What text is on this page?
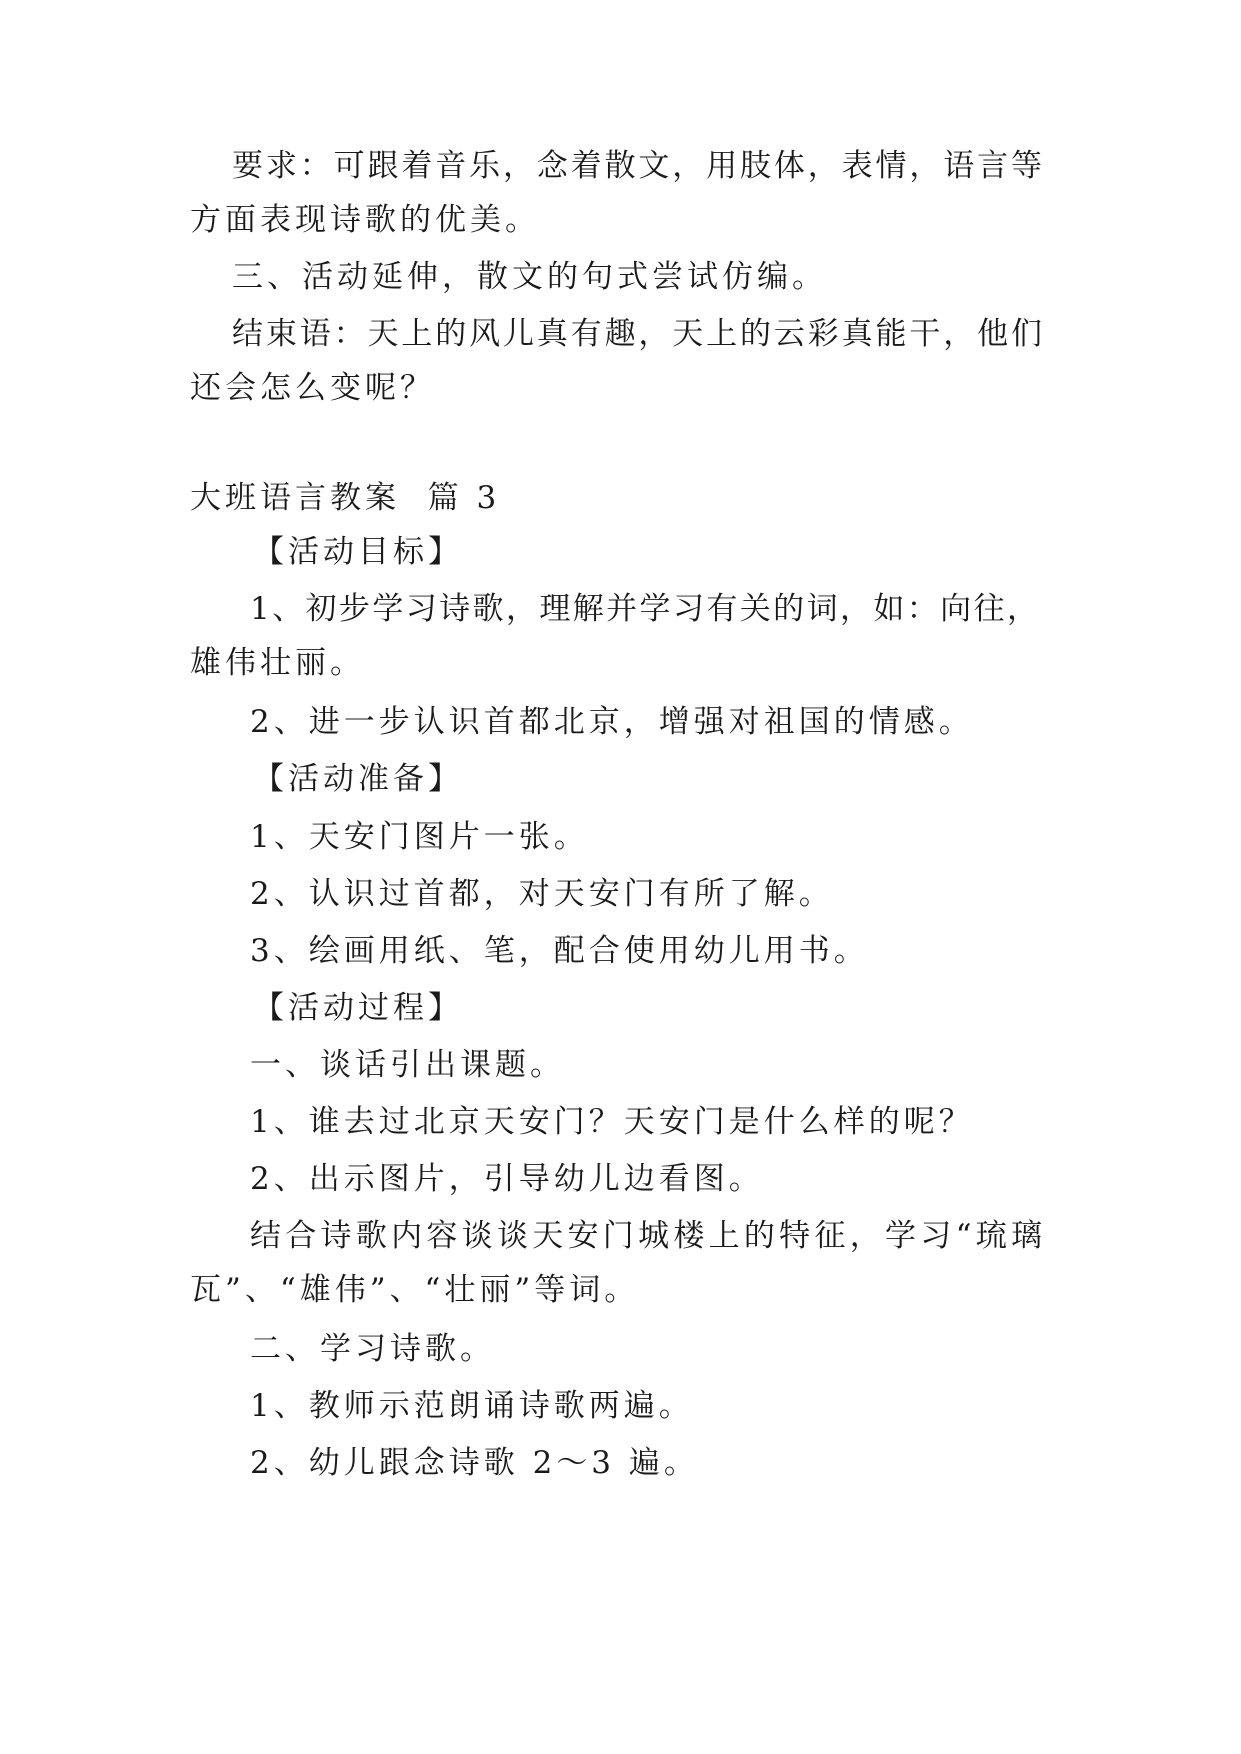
要求：可跟着音乐，念着散文，用肢体，表情，语言等
方面表现诗歌的优美。
三、活动延伸，散文的句式尝试仿编。
结束语：天上的风儿真有趣，天上的云彩真能干，他们
还会怎么变呢？
大班语言教案  篇 3
【活动目标】
1、初步学习诗歌，理解并学习有关的词，如：向往，
雄伟壮丽。
2、进一步认识首都北京，增强对祖国的情感。
【活动准备】
1、天安门图片一张。
2、认识过首都，对天安门有所了解。
3、绘画用纸、笔，配合使用幼儿用书。
【活动过程】
一、谈话引出课题。
1、谁去过北京天安门？天安门是什么样的呢？
2、出示图片，引导幼儿边看图。
结合诗歌内容谈谈天安门城楼上的特征，学习“琉璃
瓦”、“雄伟”、“壮丽”等词。
二、学习诗歌。
1、教师示范朗诵诗歌两遍。
2、幼儿跟念诗歌 2～3 遍。
